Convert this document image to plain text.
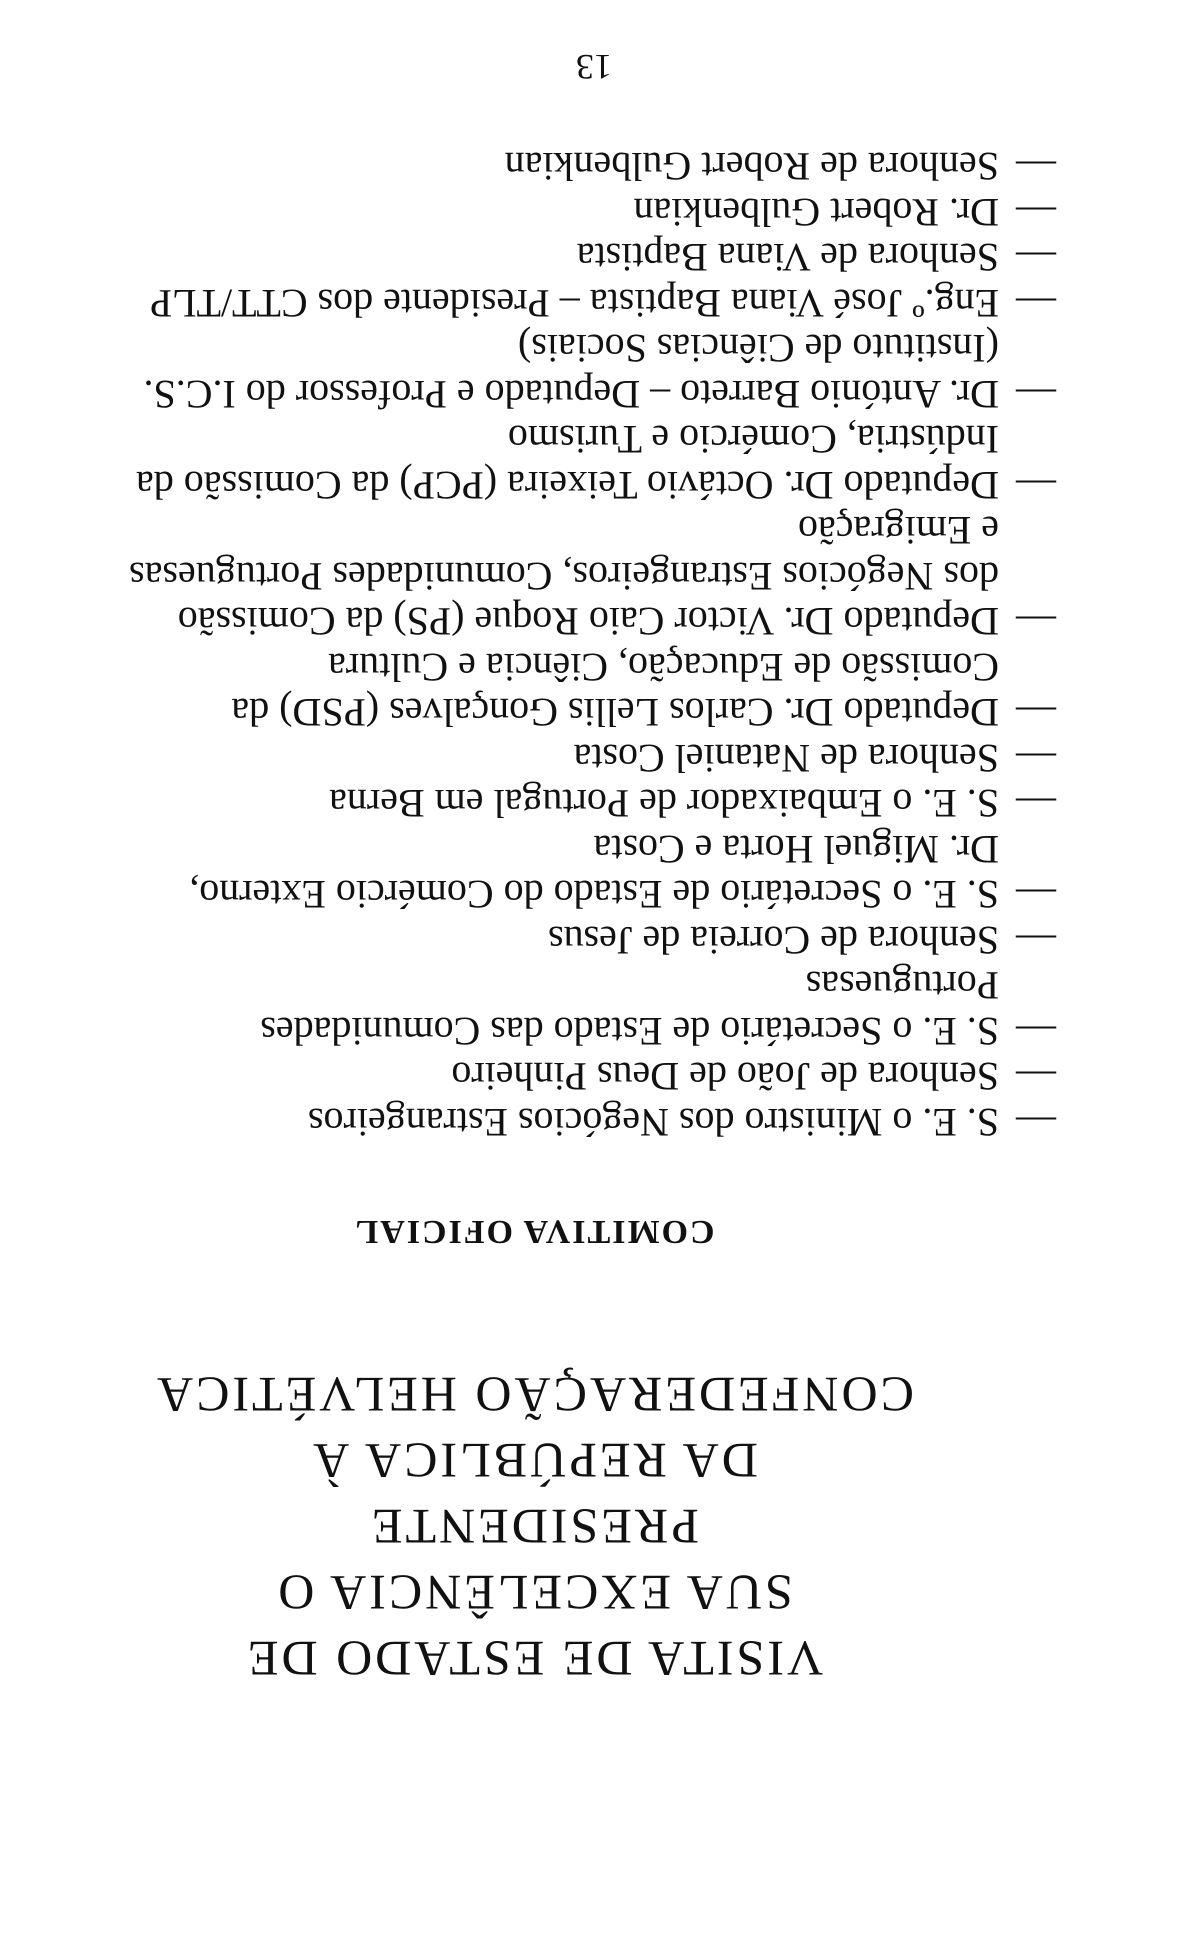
VISITA DE ESTADO DE
SUA EXCELÊNCIA O PRESIDENTE
DA REPÚBLICA À
CONFEDERAÇÃO HELVÉTICA
COMITIVA OFICIAL
— S. E. o Ministro dos Negócios Estrangeiros
— Senhora de João de Deus Pinheiro
— S. E. o Secretário de Estado das Comunidades
Portuguesas
— Senhora de Correia de Jesus
— S. E. o Secretário de Estado do Comércio Externo,
Dr. Miguel Horta e Costa
— S. E. o Embaixador de Portugal em Berna
— Senhora de Nataniel Costa
— Deputado Dr. Carlos Lellis Gonçalves (PSD) da
Comissão de Educação, Ciência e Cultura
— Deputado Dr. Victor Caio Roque (PS) da Comissão
dos Negócios Estrangeiros, Comunidades Portuguesas
e Emigração
— Deputado Dr. Octávio Teixeira (PCP) da Comissão da
Indústria, Comércio e Turismo
— Dr. António Barreto – Deputado e Professor do I.C.S.
(Instituto de Ciências Sociais)
— Eng.º José Viana Baptista – Presidente dos CTT/TLP
— Senhora de Viana Baptista
— Dr. Robert Gulbenkian
— Senhora de Robert Gulbenkian
13
